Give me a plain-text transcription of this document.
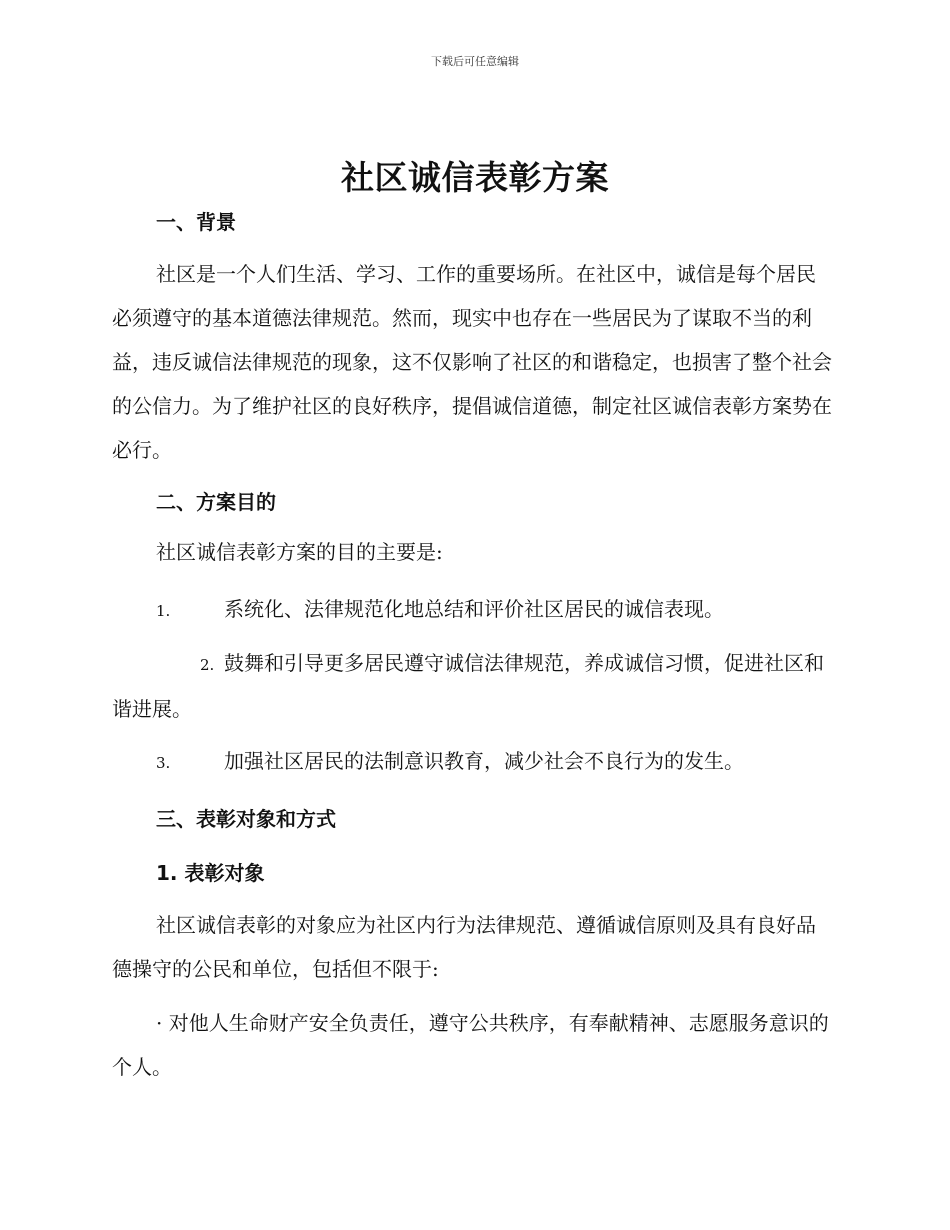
下载后可任意编辑
社区诚信表彰方案
一、背景
社区是一个人们生活、学习、工作的重要场所。在社区中，诚信是每个居民必须遵守的基本道德法律规范。然而，现实中也存在一些居民为了谋取不当的利益，违反诚信法律规范的现象，这不仅影响了社区的和谐稳定，也损害了整个社会的公信力。为了维护社区的良好秩序，提倡诚信道德，制定社区诚信表彰方案势在必行。
二、方案目的
社区诚信表彰方案的目的主要是:
1.	系统化、法律规范化地总结和评价社区居民的诚信表现。
2. 鼓舞和引导更多居民遵守诚信法律规范，养成诚信习惯，促进社区和谐进展。
3.	加强社区居民的法制意识教育，减少社会不良行为的发生。
三、表彰对象和方式
1. 表彰对象
社区诚信表彰的对象应为社区内行为法律规范、遵循诚信原则及具有良好品德操守的公民和单位，包括但不限于:
· 对他人生命财产安全负责任，遵守公共秩序，有奉献精神、志愿服务意识的个人。
